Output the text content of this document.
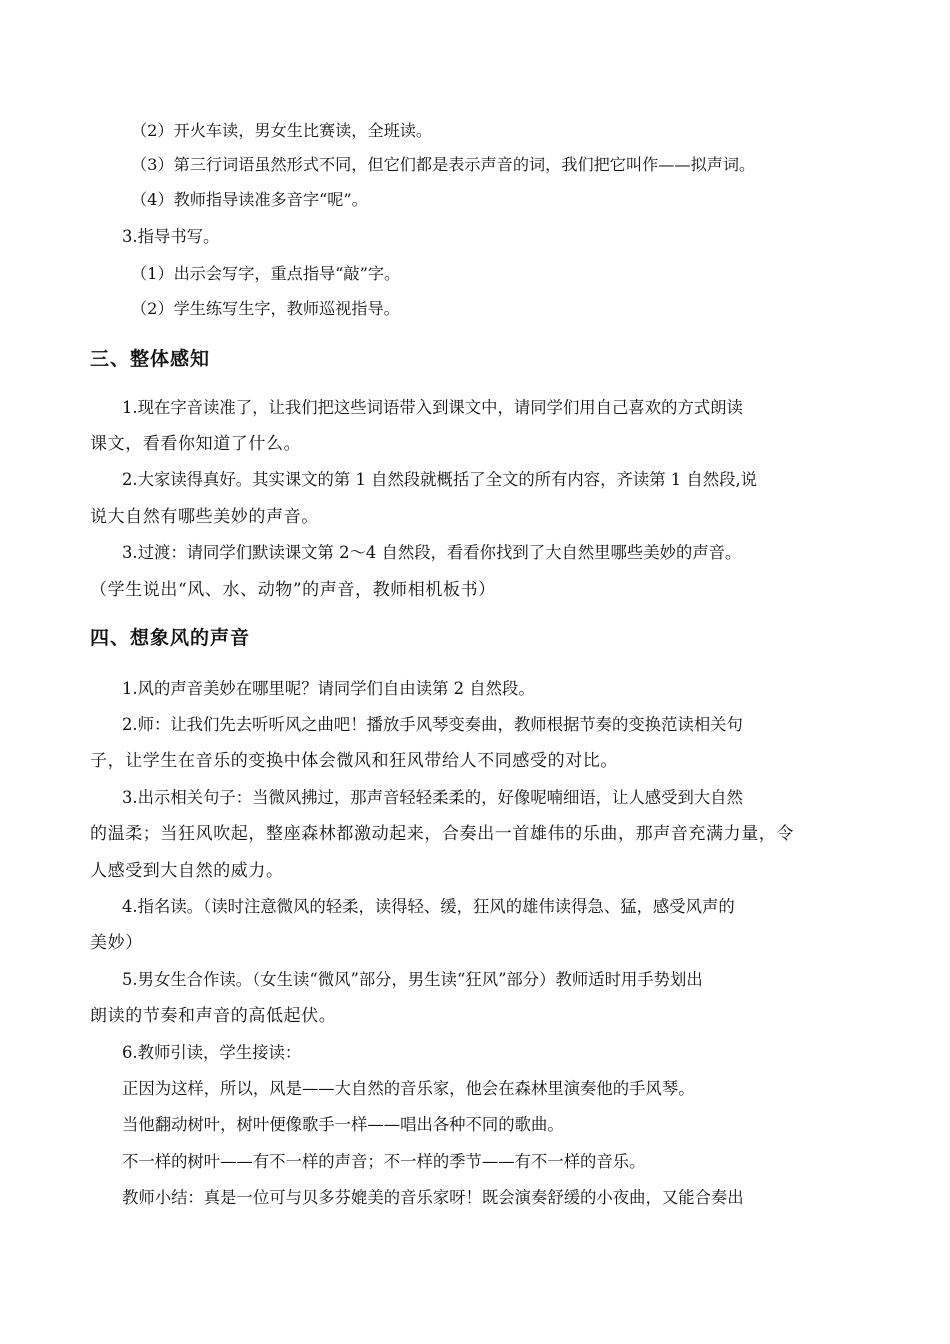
（2）开火车读，男女生比赛读，全班读。
（3）第三行词语虽然形式不同，但它们都是表示声音的词，我们把它叫作——拟声词。
（4）教师指导读准多音字“呢”。
3.指导书写。
（1）出示会写字，重点指导“敲”字。
（2）学生练写生字，教师巡视指导。
三、整体感知
1.现在字音读准了，让我们把这些词语带入到课文中，请同学们用自己喜欢的方式朗读
课文，看看你知道了什么。
2.大家读得真好。其实课文的第 1 自然段就概括了全文的所有内容，齐读第 1 自然段,说
说大自然有哪些美妙的声音。
3.过渡：请同学们默读课文第 2～4 自然段，看看你找到了大自然里哪些美妙的声音。
（学生说出“风、水、动物”的声音，教师相机板书）
四、想象风的声音
1.风的声音美妙在哪里呢？请同学们自由读第 2 自然段。
2.师：让我们先去听听风之曲吧！播放手风琴变奏曲，教师根据节奏的变换范读相关句
子，让学生在音乐的变换中体会微风和狂风带给人不同感受的对比。
3.出示相关句子：当微风拂过，那声音轻轻柔柔的，好像呢喃细语，让人感受到大自然
的温柔；当狂风吹起，整座森林都激动起来，合奏出一首雄伟的乐曲，那声音充满力量，令
人感受到大自然的威力。
4.指名读。（读时注意微风的轻柔，读得轻、缓，狂风的雄伟读得急、猛，感受风声的
美妙）
5.男女生合作读。（女生读“微风”部分，男生读“狂风”部分）教师适时用手势划出
朗读的节奏和声音的高低起伏。
6.教师引读，学生接读：
正因为这样，所以，风是——大自然的音乐家，他会在森林里演奏他的手风琴。
当他翻动树叶，树叶便像歌手一样——唱出各种不同的歌曲。
不一样的树叶——有不一样的声音；不一样的季节——有不一样的音乐。
教师小结：真是一位可与贝多芬媲美的音乐家呀！既会演奏舒缓的小夜曲，又能合奏出
